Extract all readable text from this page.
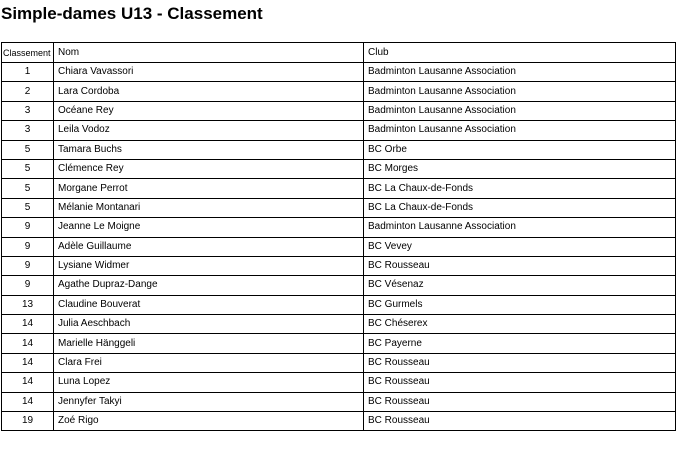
Simple-dames U13 - Classement
Classement	Nom	Club
1	Chiara Vavassori	Badminton Lausanne Association
2	Lara Cordoba	Badminton Lausanne Association
3	Océane Rey	Badminton Lausanne Association
3	Leila Vodoz	Badminton Lausanne Association
5	Tamara Buchs	BC Orbe
5	Clémence Rey	BC Morges
5	Morgane Perrot	BC La Chaux-de-Fonds
5	Mélanie Montanari	BC La Chaux-de-Fonds
9	Jeanne Le Moigne	Badminton Lausanne Association
9	Adèle Guillaume	BC Vevey
9	Lysiane Widmer	BC Rousseau
9	Agathe Dupraz-Dange	BC Vésenaz
13	Claudine Bouverat	BC Gurmels
14	Julia Aeschbach	BC Chéserex
14	Marielle Hänggeli	BC Payerne
14	Clara Frei	BC Rousseau
14	Luna Lopez	BC Rousseau
14	Jennyfer Takyi	BC Rousseau
19	Zoé Rigo	BC Rousseau
